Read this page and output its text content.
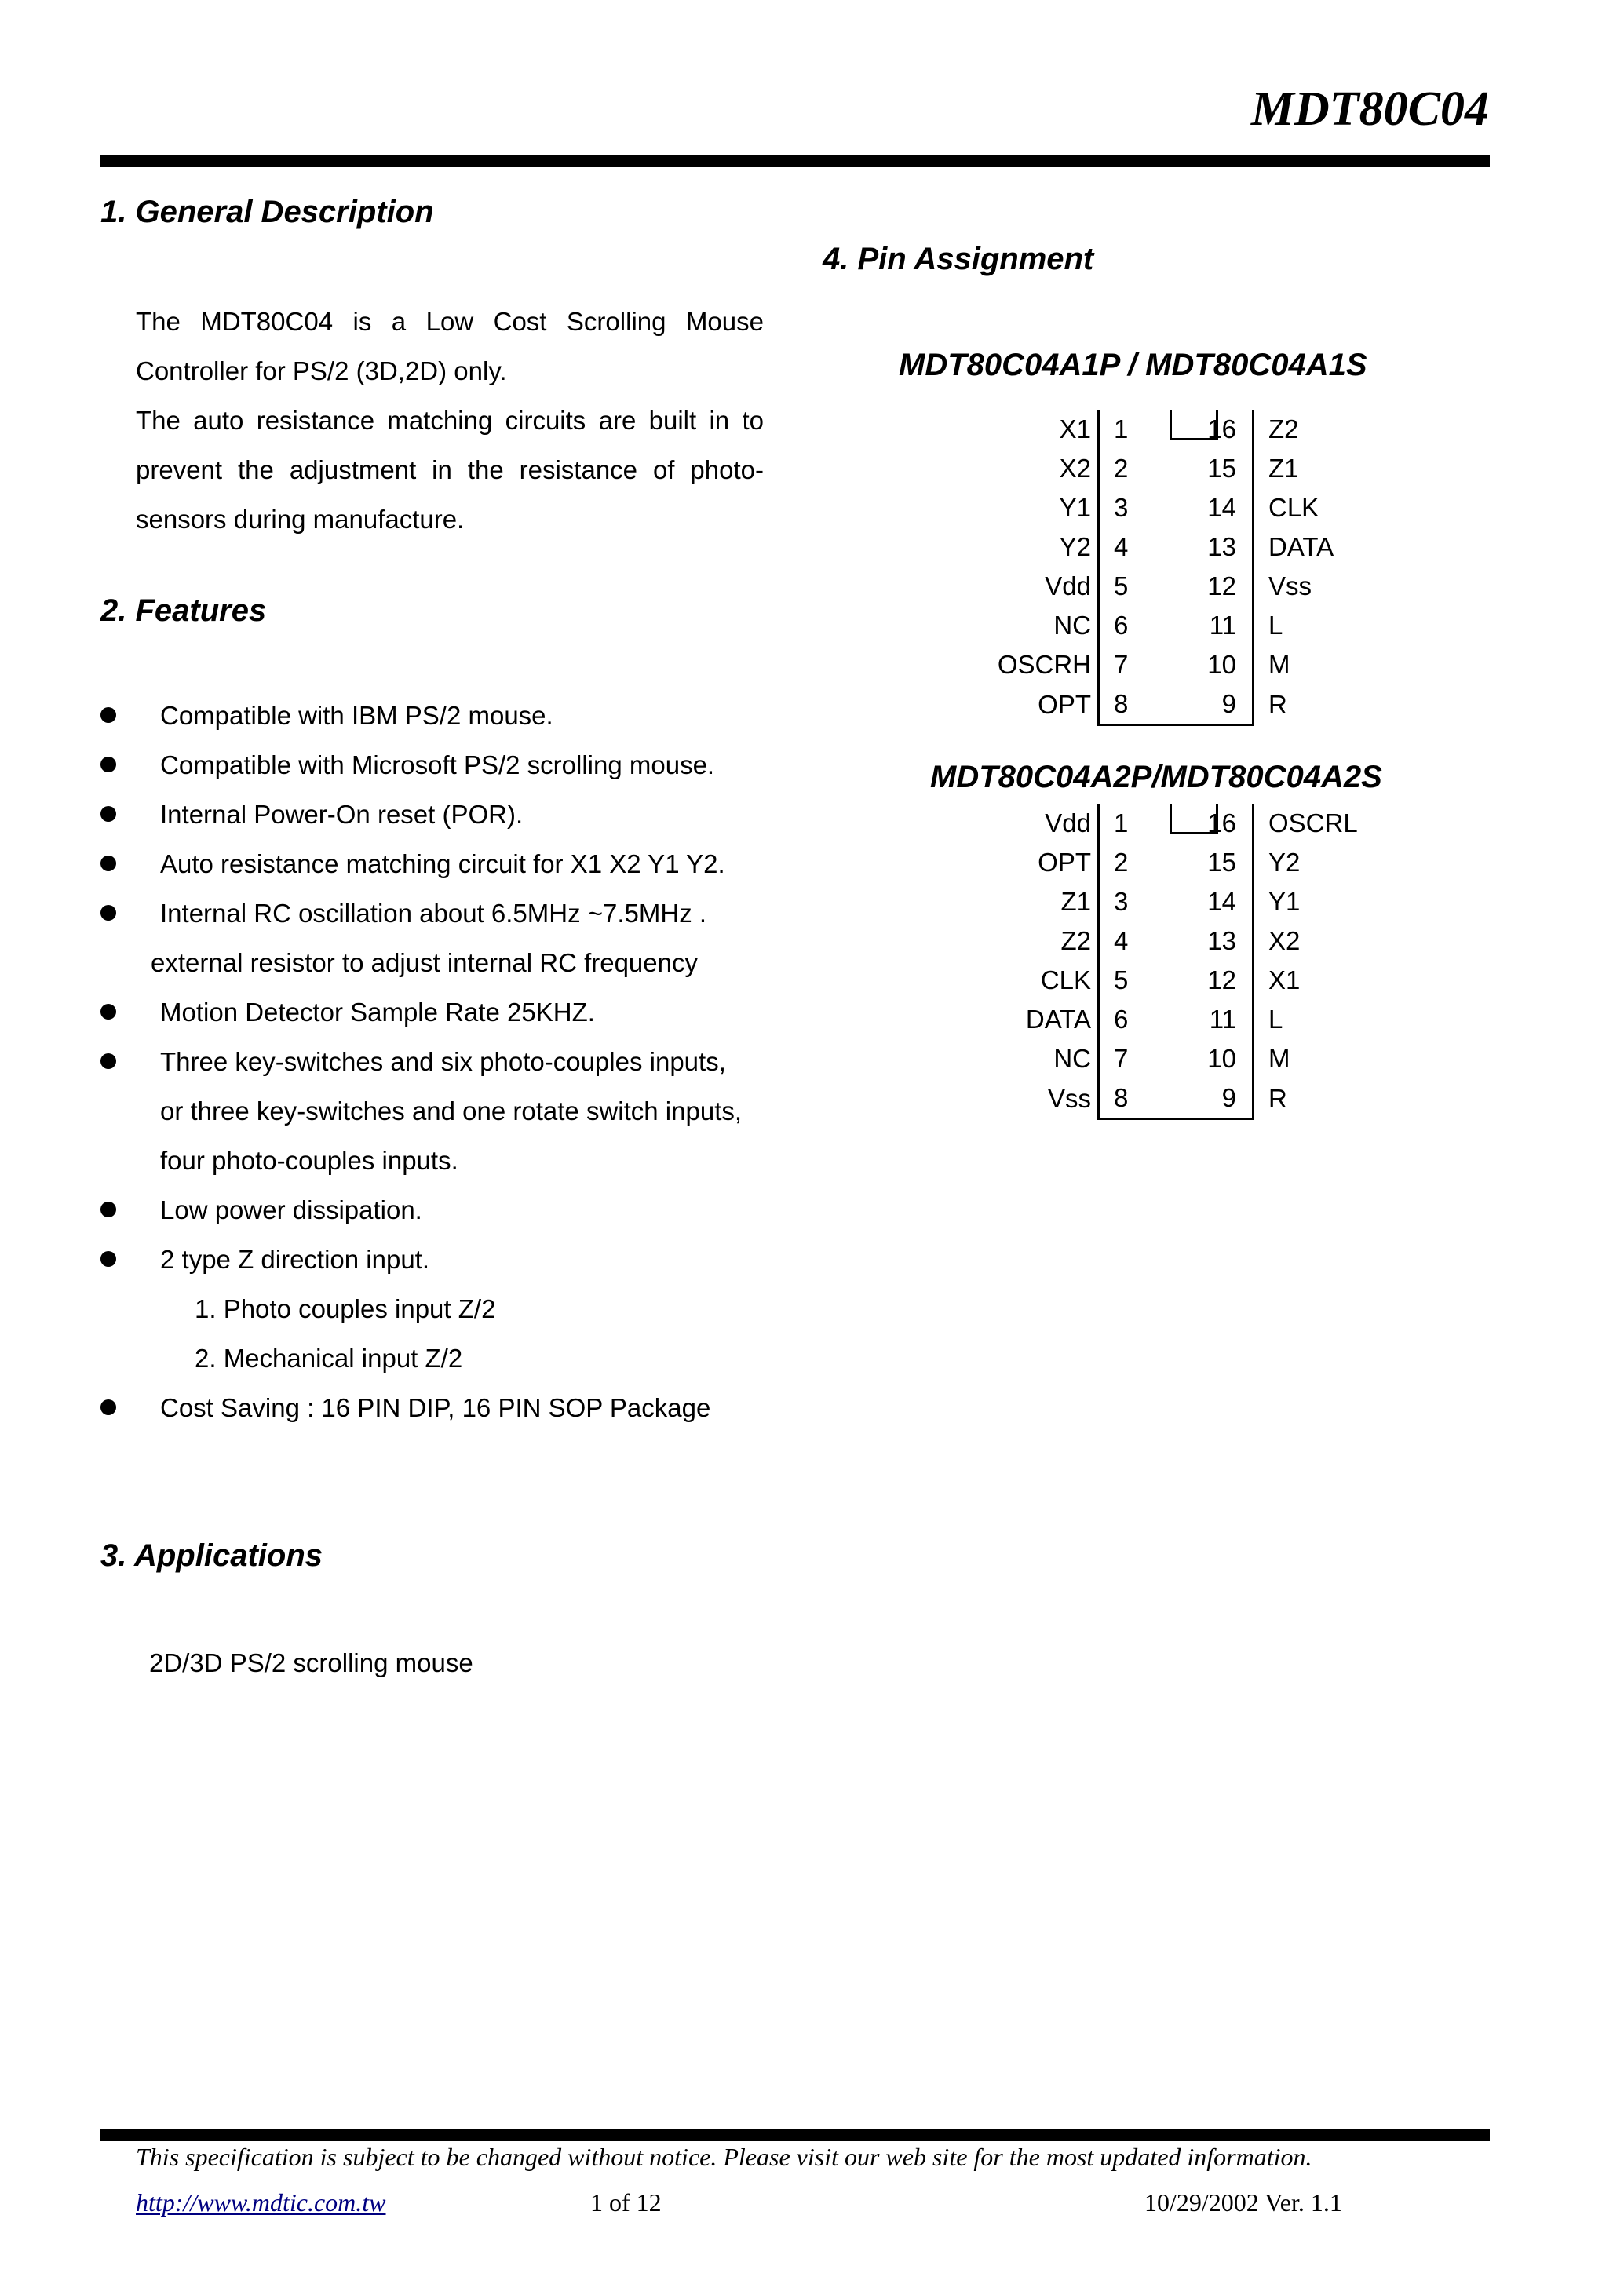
MDT80C04
1. General Description

The MDT80C04 is a Low Cost Scrolling Mouse Controller for PS/2 (3D,2D) only.

The auto resistance matching circuits are built in to prevent the adjustment in the resistance of photo-sensors during manufacture.

2. Features
Compatible with IBM PS/2 mouse.
Compatible with Microsoft PS/2 scrolling mouse.
Internal Power-On reset (POR).
Auto resistance matching circuit for X1 X2 Y1 Y2.
Internal RC oscillation about 6.5MHz ~7.5MHz .
external resistor to adjust internal RC frequency
Motion Detector Sample Rate 25KHZ.
Three key-switches and six photo-couples inputs,
or three key-switches and one rotate switch inputs,
four photo-couples inputs.
Low power dissipation.
2 type Z direction input.
1. Photo couples input Z/2
2. Mechanical input Z/2
Cost Saving : 16 PIN DIP, 16 PIN SOP Package
3. Applications
2D/3D PS/2 scrolling mouse
4. Pin Assignment
MDT80C04A1P / MDT80C04A1S
X1	1		16	Z2
X2	2		15	Z1
Y1	3		14	CLK
Y2	4		13	DATA
Vdd	5		12	Vss
NC	6		11	L
OSCRH	7		10	M
OPT	8		9	R
MDT80C04A2P/MDT80C04A2S
Vdd	1		16	OSCRL
OPT	2		15	Y2
Z1	3		14	Y1
Z2	4		13	X2
CLK	5		12	X1
DATA	6		11	L
NC	7		10	M
Vss	8		9	R
This specification is subject to be changed without notice. Please visit our web site for the most updated information.
http://www.mdtic.com.tw	1 of 12	10/29/2002 Ver. 1.1
